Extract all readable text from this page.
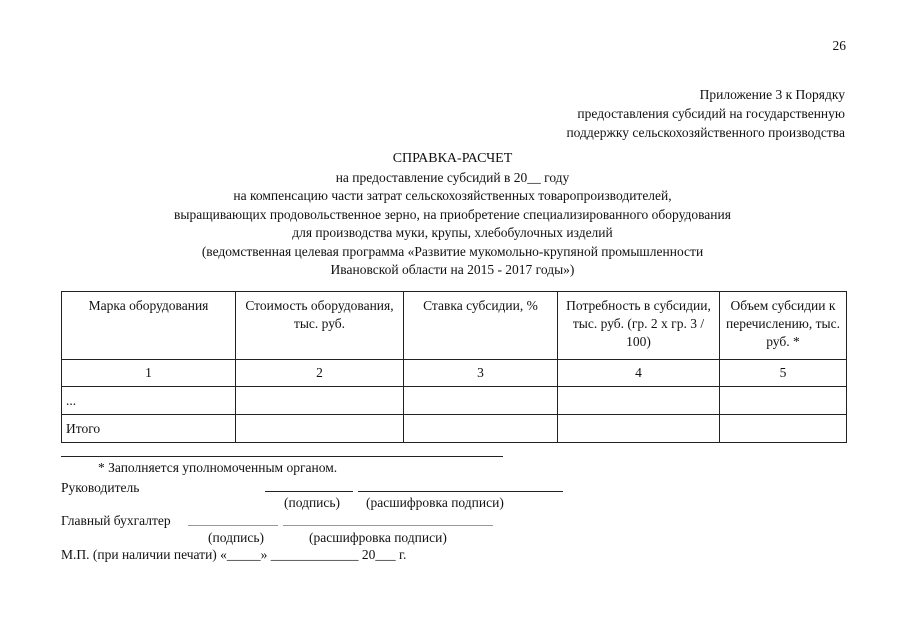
26
Приложение 3 к Порядку
предоставления субсидий на государственную
поддержку сельскохозяйственного производства
СПРАВКА-РАСЧЕТ
на предоставление субсидий в 20__ году
на компенсацию части затрат сельскохозяйственных товаропроизводителей,
выращивающих продовольственное зерно, на приобретение специализированного оборудования
для производства муки, крупы, хлебобулочных изделий
(ведомственная целевая программа «Развитие мукомольно-крупяной промышленности
Ивановской области на 2015 - 2017 годы»)
Марка оборудования	Стоимость оборудования, тыс. руб.	Ставка субсидии, %	Потребность в субсидии, тыс. руб. (гр. 2 х гр. 3 / 100)	Объем субсидии к перечислению, тыс. руб. *
1	2	3	4	5
...				
Итого				
* Заполняется уполномоченным органом.
Руководитель
(подпись) (расшифровка подписи)
Главный бухгалтер
(подпись)	(расшифровка подписи)
М.П. (при наличии печати) «_____» _____________ 20___ г.
